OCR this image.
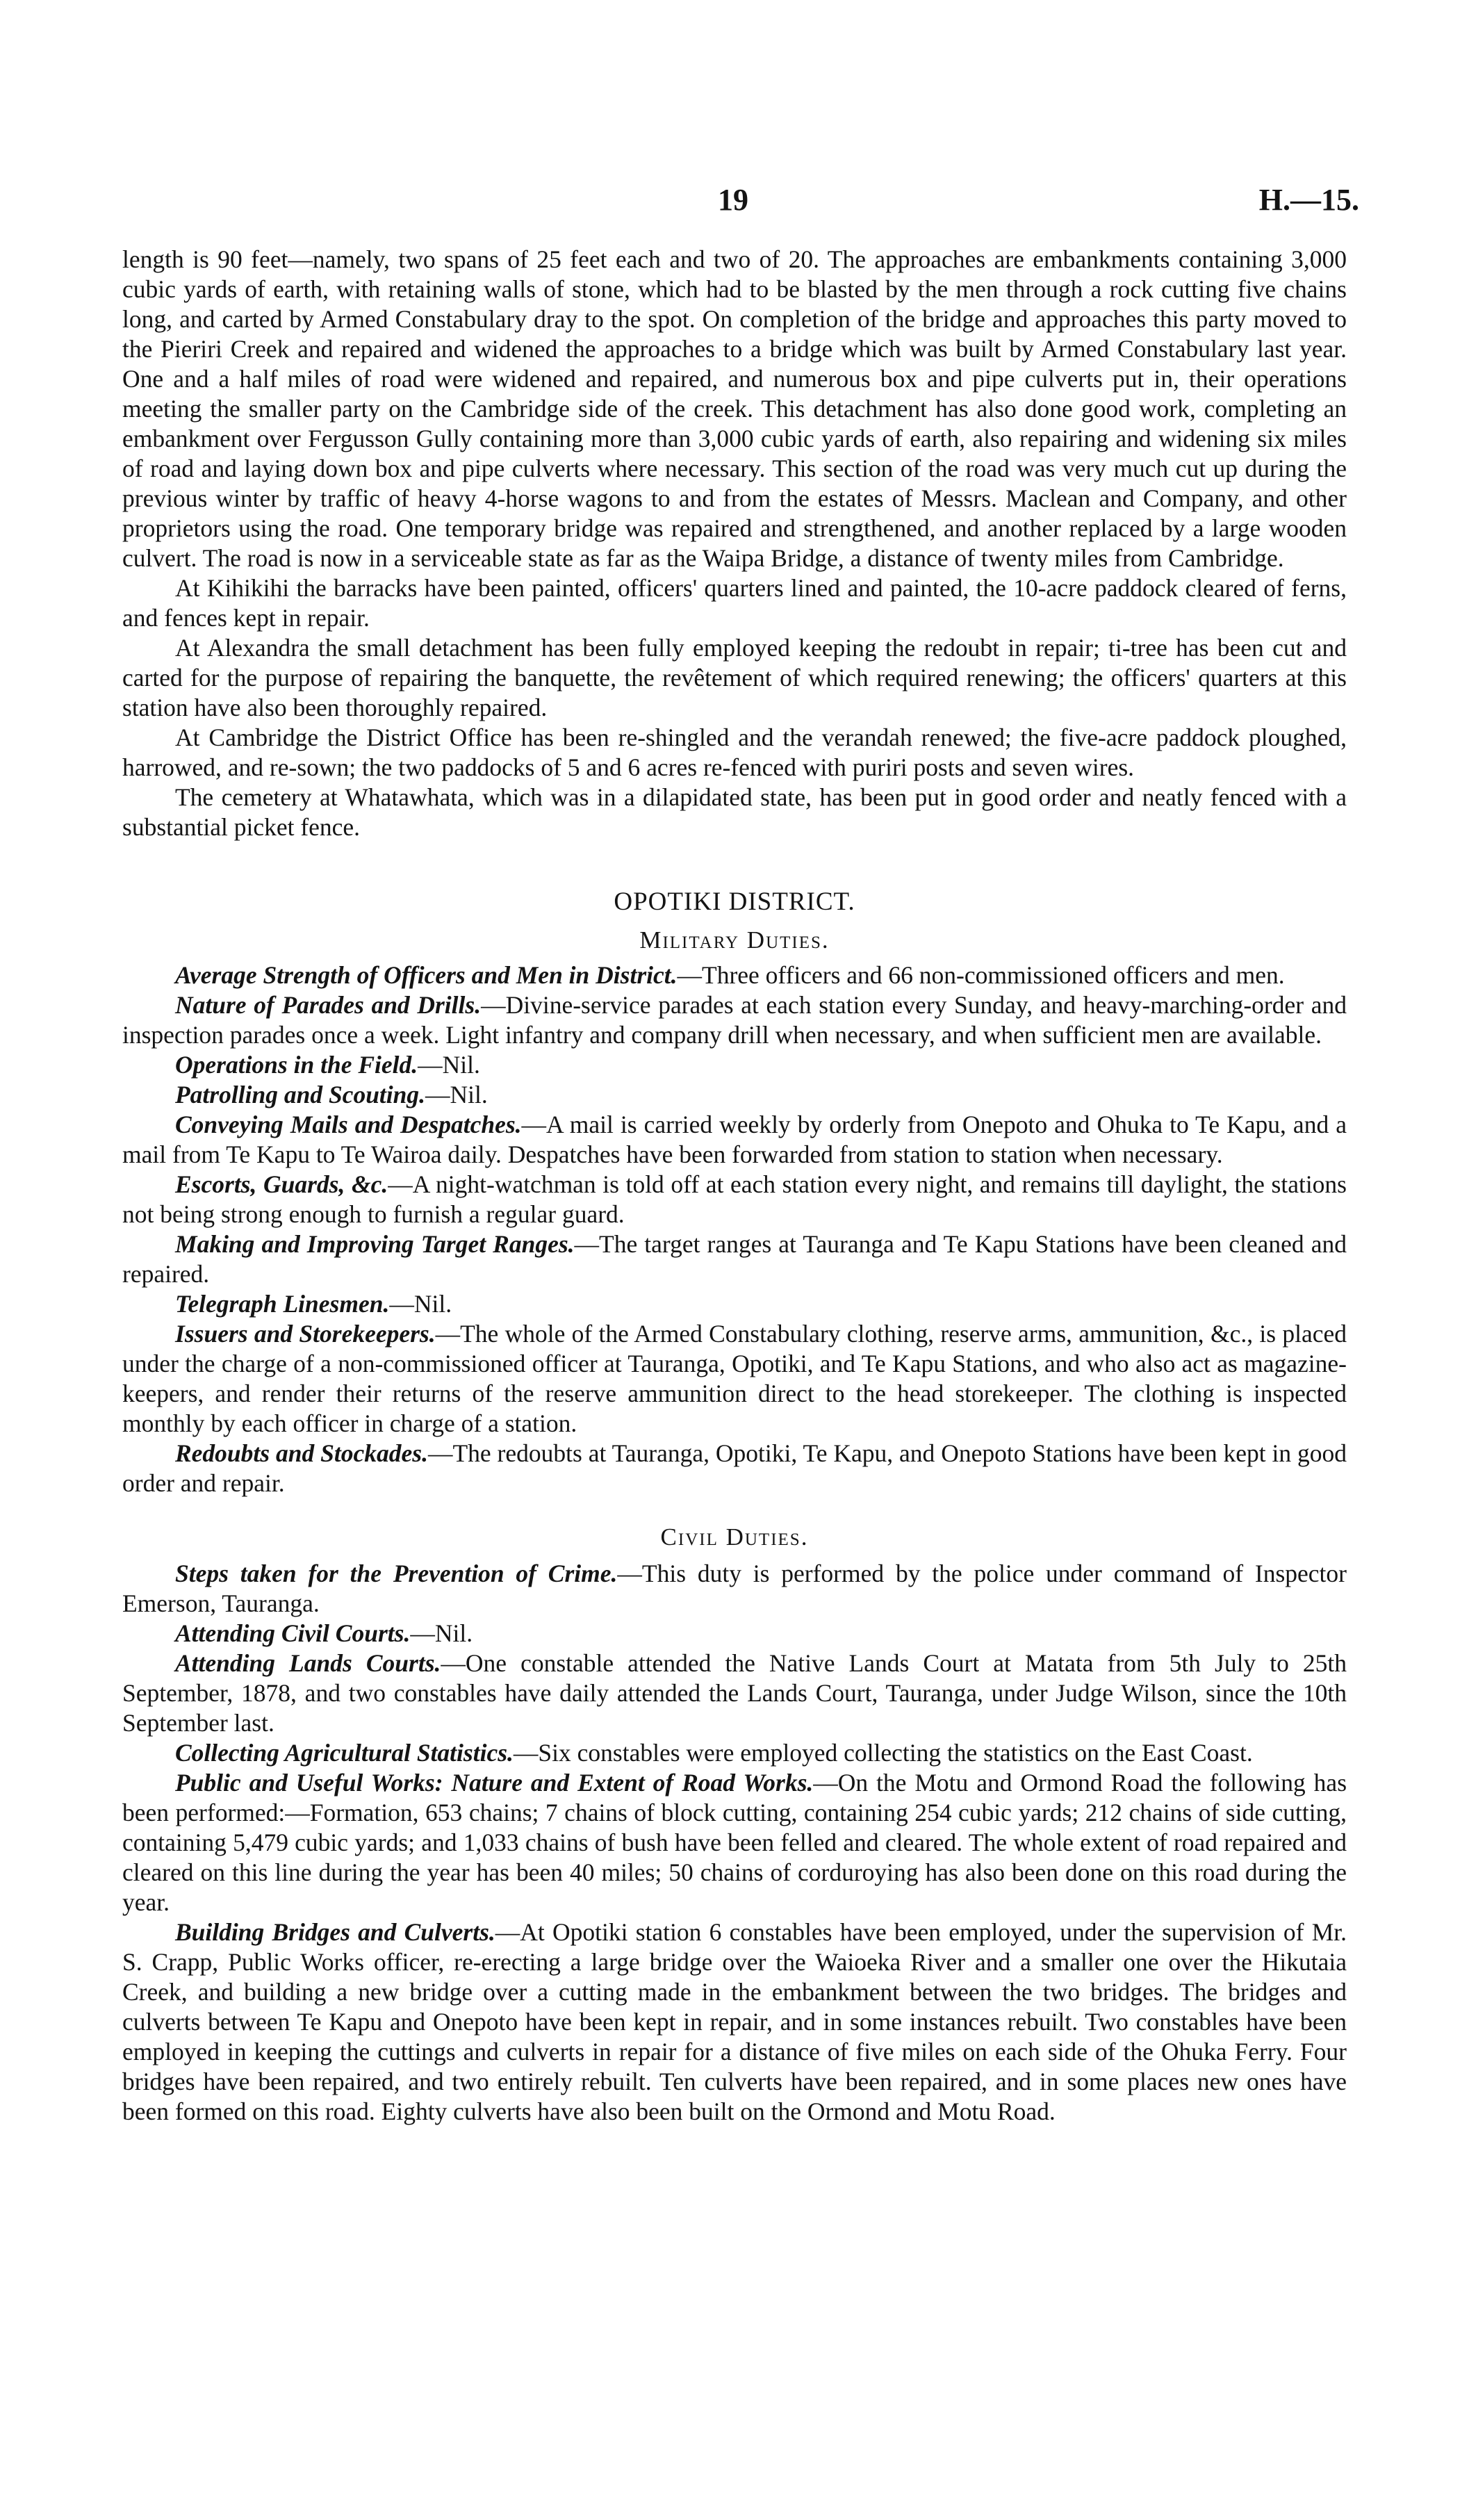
19	H.—15.

length is 90 feet—namely, two spans of 25 feet each and two of 20. The approaches are embankments containing 3,000 cubic yards of earth, with retaining walls of stone, which had to be blasted by the men through a rock cutting five chains long, and carted by Armed Constabulary dray to the spot. On completion of the bridge and approaches this party moved to the Pieriri Creek and repaired and widened the approaches to a bridge which was built by Armed Constabulary last year. One and a half miles of road were widened and repaired, and numerous box and pipe culverts put in, their operations meeting the smaller party on the Cambridge side of the creek. This detachment has also done good work, completing an embankment over Fergusson Gully containing more than 3,000 cubic yards of earth, also repairing and widening six miles of road and laying down box and pipe culverts where necessary. This section of the road was very much cut up during the previous winter by traffic of heavy 4-horse wagons to and from the estates of Messrs. Maclean and Company, and other proprietors using the road. One temporary bridge was repaired and strengthened, and another replaced by a large wooden culvert. The road is now in a serviceable state as far as the Waipa Bridge, a distance of twenty miles from Cambridge.

At Kihikihi the barracks have been painted, officers' quarters lined and painted, the 10-acre paddock cleared of ferns, and fences kept in repair.

At Alexandra the small detachment has been fully employed keeping the redoubt in repair; ti-tree has been cut and carted for the purpose of repairing the banquette, the revêtement of which required renewing; the officers' quarters at this station have also been thoroughly repaired.

At Cambridge the District Office has been re-shingled and the verandah renewed; the five-acre paddock ploughed, harrowed, and re-sown; the two paddocks of 5 and 6 acres re-fenced with puriri posts and seven wires.

The cemetery at Whatawhata, which was in a dilapidated state, has been put in good order and neatly fenced with a substantial picket fence.

OPOTIKI DISTRICT.
Military Duties.

Average Strength of Officers and Men in District.—Three officers and 66 non-commissioned officers and men.

Nature of Parades and Drills.—Divine-service parades at each station every Sunday, and heavy-marching-order and inspection parades once a week. Light infantry and company drill when necessary, and when sufficient men are available.

Operations in the Field.—Nil.

Patrolling and Scouting.—Nil.

Conveying Mails and Despatches.—A mail is carried weekly by orderly from Onepoto and Ohuka to Te Kapu, and a mail from Te Kapu to Te Wairoa daily. Despatches have been forwarded from station to station when necessary.

Escorts, Guards, &c.—A night-watchman is told off at each station every night, and remains till daylight, the stations not being strong enough to furnish a regular guard.

Making and Improving Target Ranges.—The target ranges at Tauranga and Te Kapu Stations have been cleaned and repaired.

Telegraph Linesmen.—Nil.

Issuers and Storekeepers.—The whole of the Armed Constabulary clothing, reserve arms, ammunition, &c., is placed under the charge of a non-commissioned officer at Tauranga, Opotiki, and Te Kapu Stations, and who also act as magazine-keepers, and render their returns of the reserve ammunition direct to the head storekeeper. The clothing is inspected monthly by each officer in charge of a station.

Redoubts and Stockades.—The redoubts at Tauranga, Opotiki, Te Kapu, and Onepoto Stations have been kept in good order and repair.

Civil Duties.

Steps taken for the Prevention of Crime.—This duty is performed by the police under command of Inspector Emerson, Tauranga.

Attending Civil Courts.—Nil.

Attending Lands Courts.—One constable attended the Native Lands Court at Matata from 5th July to 25th September, 1878, and two constables have daily attended the Lands Court, Tauranga, under Judge Wilson, since the 10th September last.

Collecting Agricultural Statistics.—Six constables were employed collecting the statistics on the East Coast.

Public and Useful Works: Nature and Extent of Road Works.—On the Motu and Ormond Road the following has been performed:—Formation, 653 chains; 7 chains of block cutting, containing 254 cubic yards; 212 chains of side cutting, containing 5,479 cubic yards; and 1,033 chains of bush have been felled and cleared. The whole extent of road repaired and cleared on this line during the year has been 40 miles; 50 chains of corduroying has also been done on this road during the year.

Building Bridges and Culverts.—At Opotiki station 6 constables have been employed, under the supervision of Mr. S. Crapp, Public Works officer, re-erecting a large bridge over the Waioeka River and a smaller one over the Hikutaia Creek, and building a new bridge over a cutting made in the embankment between the two bridges. The bridges and culverts between Te Kapu and Onepoto have been kept in repair, and in some instances rebuilt. Two constables have been employed in keeping the cuttings and culverts in repair for a distance of five miles on each side of the Ohuka Ferry. Four bridges have been repaired, and two entirely rebuilt. Ten culverts have been repaired, and in some places new ones have been formed on this road. Eighty culverts have also been built on the Ormond and Motu Road.
